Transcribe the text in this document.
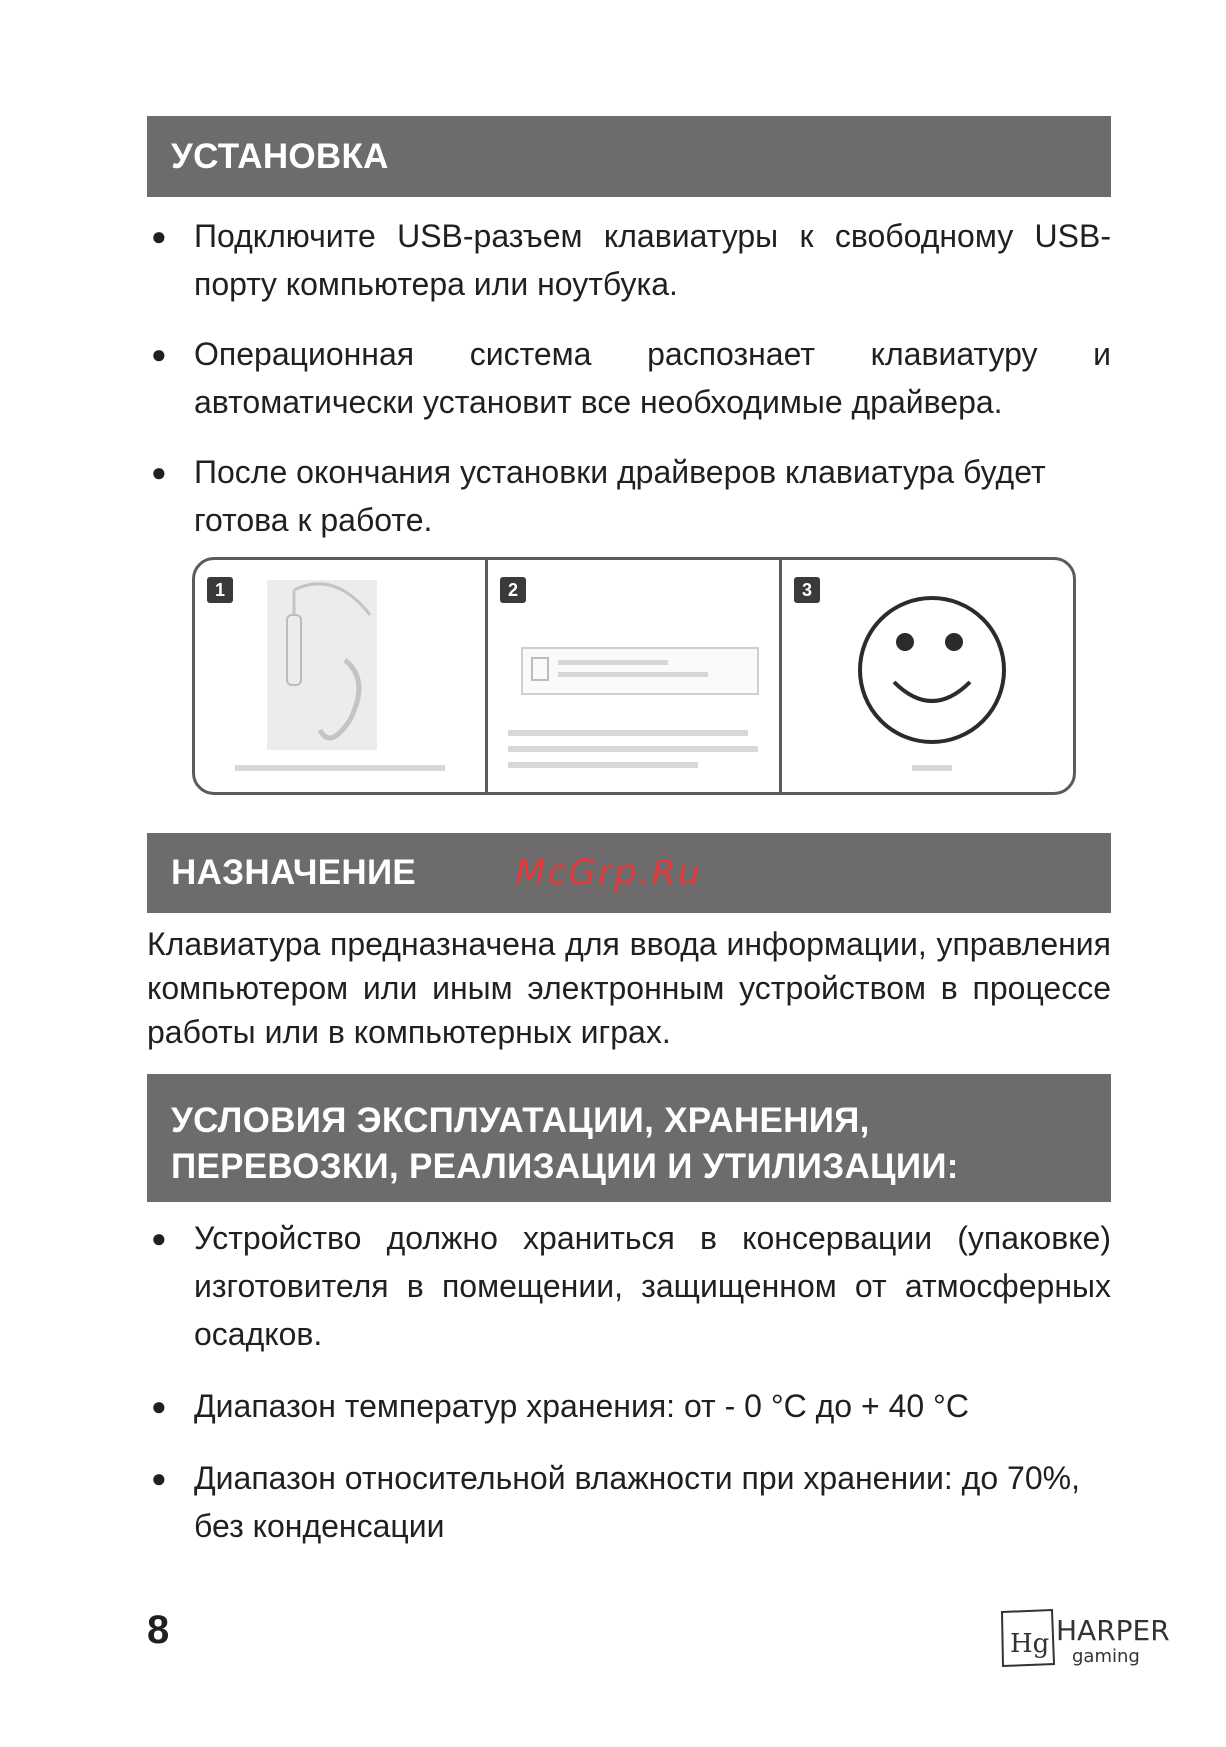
УСТАНОВКА
● Подключите USB-разъем клавиатуры к свободному USB-портy компьютера или ноутбука.
● Операционная система распознает клавиатуру и автоматически установит все необходимые драйвера.
● После окончания установки драйверов клавиатура будет готова к работе.
1	2	3
НАЗНАЧЕНИЕ	McGrp.Ru

Клавиатура предназначена для ввода информации, управления компьютером или иным электронным устройством в процессе работы или в компьютерных играх.

УСЛОВИЯ ЭКСПЛУАТАЦИИ, ХРАНЕНИЯ,
ПЕРЕВОЗКИ, РЕАЛИЗАЦИИ И УТИЛИЗАЦИИ:
● Устройство должно храниться в консервации (упаковке) изготовителя в помещении, защищенном от атмосферных осадков.
● Диапазон температур хранения: от - 0 °C до + 40 °C
● Диапазон относительной влажности при хранении: до 70%, без конденсации
8	Hg HARPER
gaming
